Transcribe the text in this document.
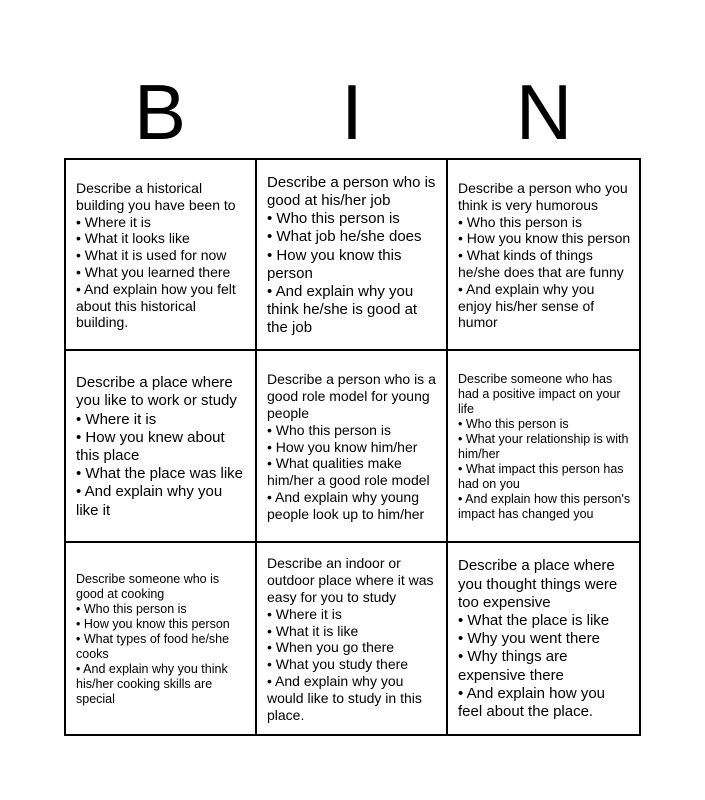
B	I	N

Describe a historical building you have been to

• Where it is

• What it looks like

• What it is used for now

• What you learned there

• And explain how you felt about this historical building.

Describe a person who is good at his/her job

• Who this person is

• What job he/she does

• How you know this person

• And explain why you think he/she is good at the job

Describe a person who you think is very humorous

• Who this person is

• How you know this person

• What kinds of things he/she does that are funny

• And explain why you enjoy his/her sense of humor

Describe a place where you like to work or study

• Where it is

• How you knew about this place

• What the place was like

• And explain why you like it

Describe a person who is a good role model for young people

• Who this person is

• How you know him/her

• What qualities make him/her a good role model

• And explain why young people look up to him/her

Describe someone who has had a positive impact on your life

• Who this person is

• What your relationship is with him/her

• What impact this person has had on you

• And explain how this person's impact has changed you

Describe someone who is good at cooking

• Who this person is

• How you know this person

• What types of food he/she cooks

• And explain why you think his/her cooking skills are special

Describe an indoor or outdoor place where it was easy for you to study

• Where it is

• What it is like

• When you go there

• What you study there

• And explain why you would like to study in this place.

Describe a place where you thought things were too expensive

• What the place is like

• Why you went there

• Why things are expensive there

• And explain how you feel about the place.
